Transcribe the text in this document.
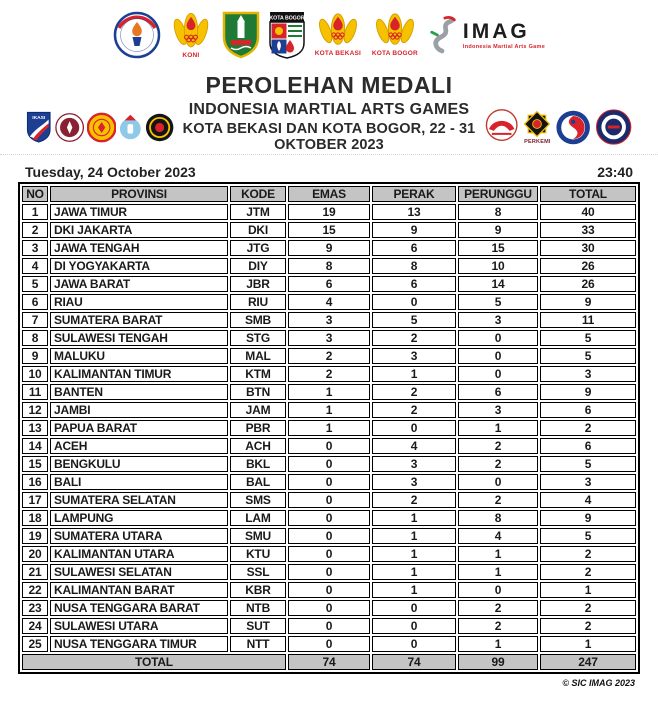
KONI
KOTA BOGOR
KOTA BEKASI KOTA BOGOR
IMAG
Indonesia Martial Arts Game
PEROLEHAN MEDALI
IKASI
INDONESIA MARTIAL ARTS GAMES
KOTA BEKASI DAN KOTA BOGOR, 22 - 31 OKTOBER 2023	PERKEMI
Tuesday, 24 October 2023	23:40
NO	PROVINSI	KODE	EMAS	PERAK	PERUNGGU	TOTAL
1	JAWA TIMUR	JTM	19	13	8	40
2	DKI JAKARTA	DKI	15	9	9	33
3	JAWA TENGAH	JTG	9	6	15	30
4	DI YOGYAKARTA	DIY	8	8	10	26
5	JAWA BARAT	JBR	6	6	14	26
6	RIAU	RIU	4	0	5	9
7	SUMATERA BARAT	SMB	3	5	3	11
8	SULAWESI TENGAH	STG	3	2	0	5
9	MALUKU	MAL	2	3	0	5
10	KALIMANTAN TIMUR	KTM	2	1	0	3
11	BANTEN	BTN	1	2	6	9
12	JAMBI	JAM	1	2	3	6
13	PAPUA BARAT	PBR	1	0	1	2
14	ACEH	ACH	0	4	2	6
15	BENGKULU	BKL	0	3	2	5
16	BALI	BAL	0	3	0	3
17	SUMATERA SELATAN	SMS	0	2	2	4
18	LAMPUNG	LAM	0	1	8	9
19	SUMATERA UTARA	SMU	0	1	4	5
20	KALIMANTAN UTARA	KTU	0	1	1	2
21	SULAWESI SELATAN	SSL	0	1	1	2
22	KALIMANTAN BARAT	KBR	0	1	0	1
23	NUSA TENGGARA BARAT	NTB	0	0	2	2
24	SULAWESI UTARA	SUT	0	0	2	2
25	NUSA TENGGARA TIMUR	NTT	0	0	1	1
TOTAL			74	74	99	247
© SIC IMAG 2023
